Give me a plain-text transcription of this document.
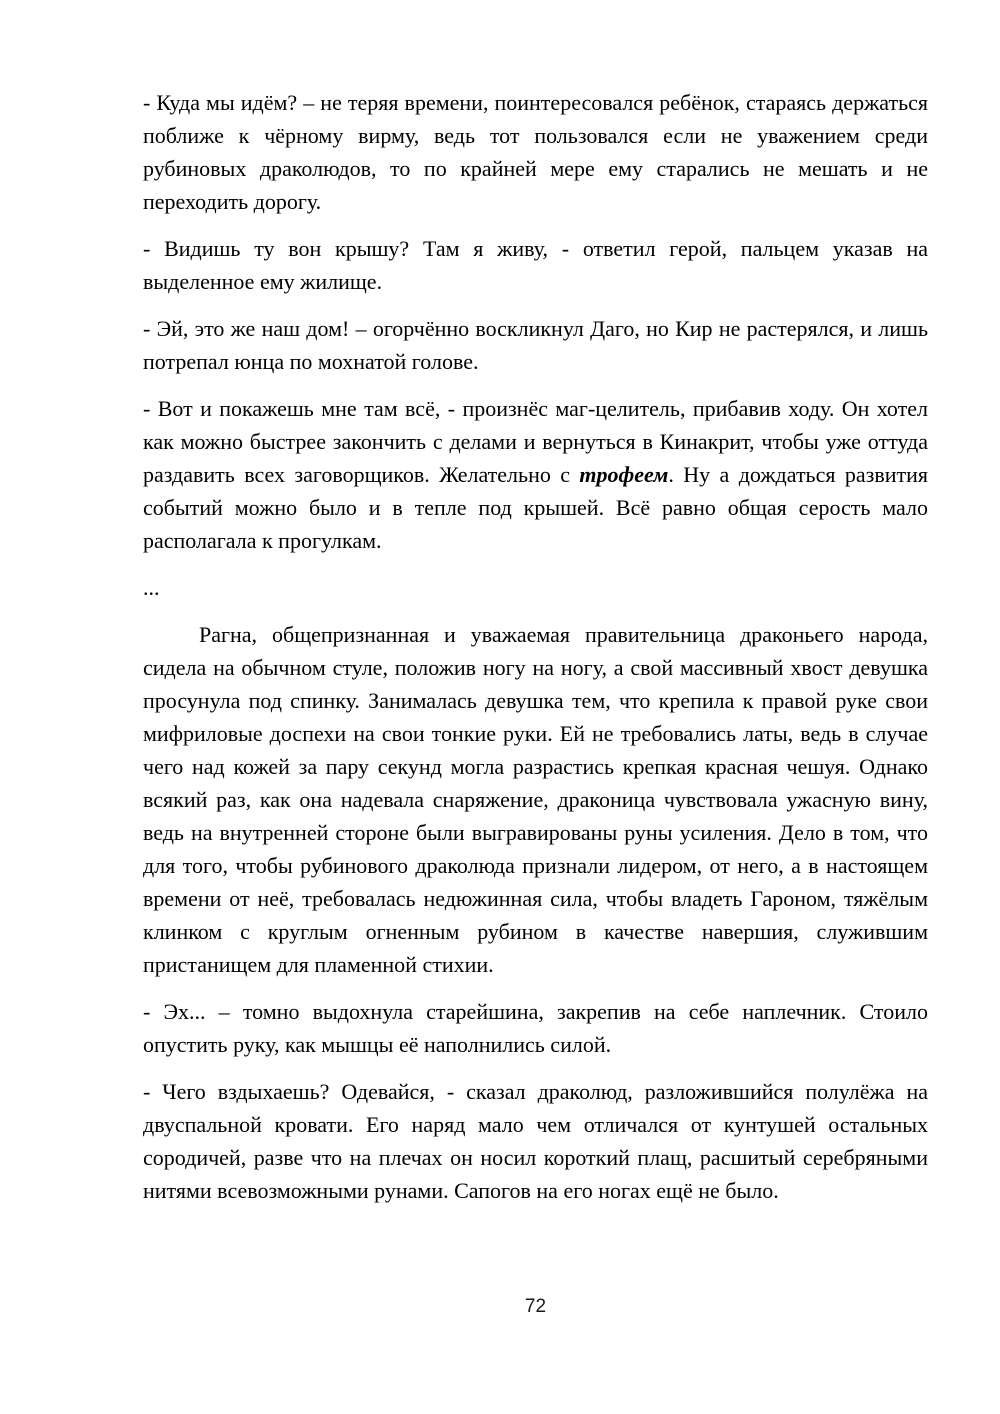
- Куда мы идём? – не теряя времени, поинтересовался ребёнок, стараясь держаться поближе к чёрному вирму, ведь тот пользовался если не уважением среди рубиновых драколюдов, то по крайней мере ему старались не мешать и не переходить дорогу.

- Видишь ту вон крышу? Там я живу, - ответил герой, пальцем указав на выделенное ему жилище.

- Эй, это же наш дом! – огорчённо воскликнул Даго, но Кир не растерялся, и лишь потрепал юнца по мохнатой голове.

- Вот и покажешь мне там всё, - произнёс маг-целитель, прибавив ходу. Он хотел как можно быстрее закончить с делами и вернуться в Кинакрит, чтобы уже оттуда раздавить всех заговорщиков. Желательно с трофеем. Ну а дождаться развития событий можно было и в тепле под крышей. Всё равно общая серость мало располагала к прогулкам.

...

Рагна, общепризнанная и уважаемая правительница драконьего народа, сидела на обычном стуле, положив ногу на ногу, а свой массивный хвост девушка просунула под спинку. Занималась девушка тем, что крепила к правой руке свои мифриловые доспехи на свои тонкие руки. Ей не требовались латы, ведь в случае чего над кожей за пару секунд могла разрастись крепкая красная чешуя. Однако всякий раз, как она надевала снаряжение, драконица чувствовала ужасную вину, ведь на внутренней стороне были выгравированы руны усиления. Дело в том, что для того, чтобы рубинового драколюда признали лидером, от него, а в настоящем времени от неё, требовалась недюжинная сила, чтобы владеть Гароном, тяжёлым клинком с круглым огненным рубином в качестве навершия, служившим пристанищем для пламенной стихии.

- Эх... – томно выдохнула старейшина, закрепив на себе наплечник. Стоило опустить руку, как мышцы её наполнились силой.

- Чего вздыхаешь? Одевайся, - сказал драколюд, разложившийся полулёжа на двуспальной кровати. Его наряд мало чем отличался от кунтушей остальных сородичей, разве что на плечах он носил короткий плащ, расшитый серебряными нитями всевозможными рунами. Сапогов на его ногах ещё не было.

72
